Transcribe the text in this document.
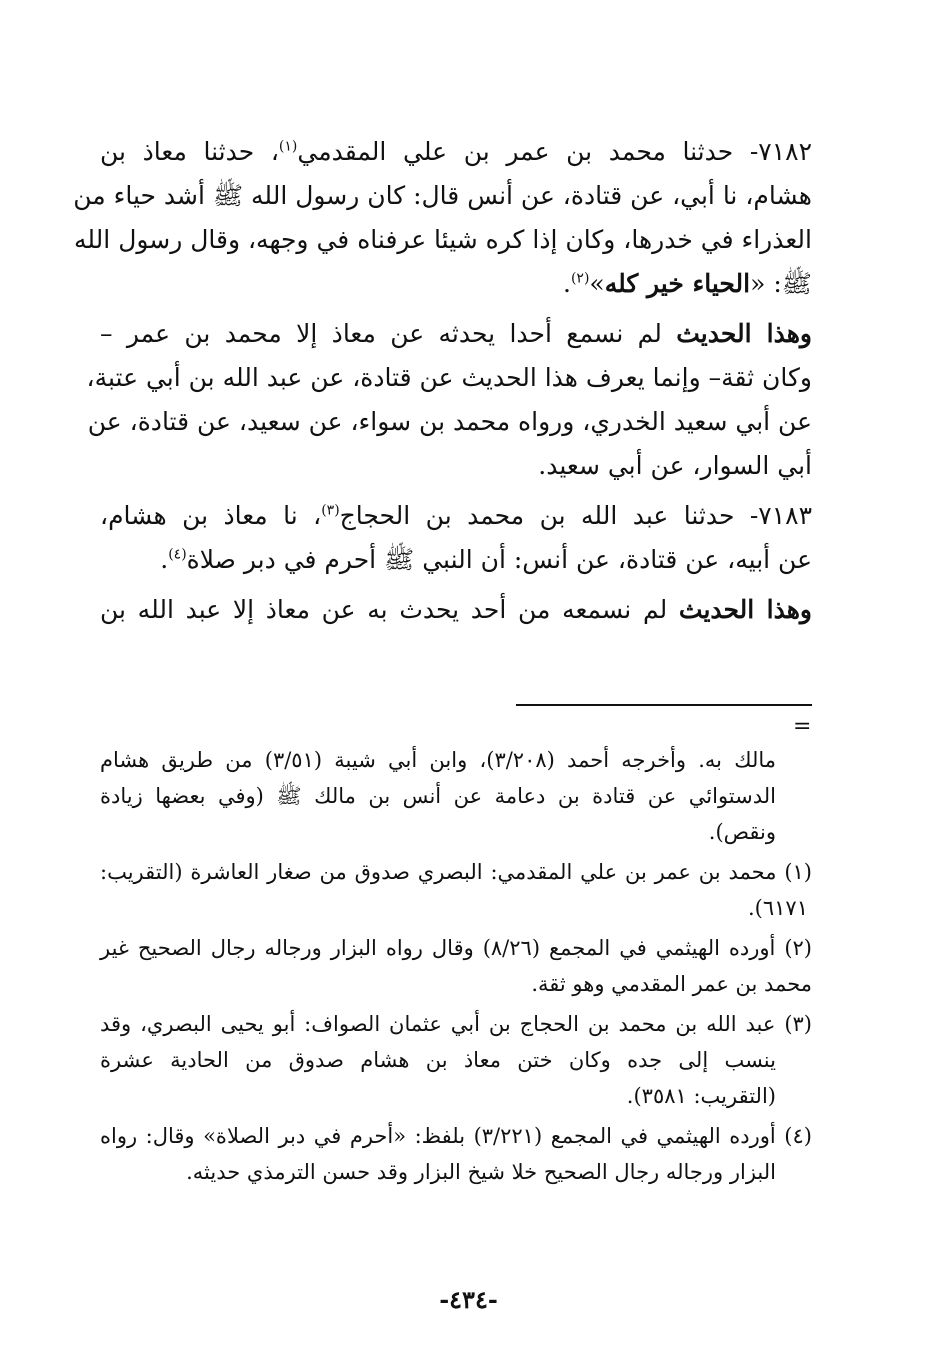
٧١٨٢- حدثنا محمد بن عمر بن علي المقدمي$^{(١)}$، حدثنا معاذ بن
هشام، نا أبي، عن قتادة، عن أنس قال: كان رسول الله ﷺ أشد حياء من
العذراء في خدرها، وكان إذا كره شيئا عرفناه في وجهه، وقال رسول الله
ﷺ: «الحياء خير كله»$^{(٢)}$.
وهذا الحديث لم نسمع أحدا يحدثه عن معاذ إلا محمد بن عمر –
وكان ثقة– وإنما يعرف هذا الحديث عن قتادة، عن عبد الله بن أبي عتبة،
عن أبي سعيد الخدري، ورواه محمد بن سواء، عن سعيد، عن قتادة، عن
أبي السوار، عن أبي سعيد.
٧١٨٣- حدثنا عبد الله بن محمد بن الحجاج$^{(٣)}$، نا معاذ بن هشام،
عن أبيه، عن قتادة، عن أنس: أن النبي ﷺ أحرم في دبر صلاة$^{(٤)}$.
وهذا الحديث لم نسمعه من أحد يحدث به عن معاذ إلا عبد الله بن
=
مالك به. وأخرجه أحمد (٣/٢٠٨)، وابن أبي شيبة (٣/٥١) من طريق هشام
الدستوائي عن قتادة بن دعامة عن أنس بن مالك ﷺ (وفي بعضها زيادة
ونقص).
(١) محمد بن عمر بن علي المقدمي: البصري صدوق من صغار العاشرة (التقريب:
٦١٧١).
(٢) أورده الهيثمي في المجمع (٨/٢٦) وقال رواه البزار ورجاله رجال الصحيح غير
محمد بن عمر المقدمي وهو ثقة.
(٣) عبد الله بن محمد بن الحجاج بن أبي عثمان الصواف: أبو يحيى البصري، وقد
ينسب إلى جده وكان ختن معاذ بن هشام صدوق من الحادية عشرة
(التقريب: ٣٥٨١).
(٤) أورده الهيثمي في المجمع (٣/٢٢١) بلفظ: «أحرم في دبر الصلاة» وقال: رواه
البزار ورجاله رجال الصحيح خلا شيخ البزار وقد حسن الترمذي حديثه.
-٤٣٤-
